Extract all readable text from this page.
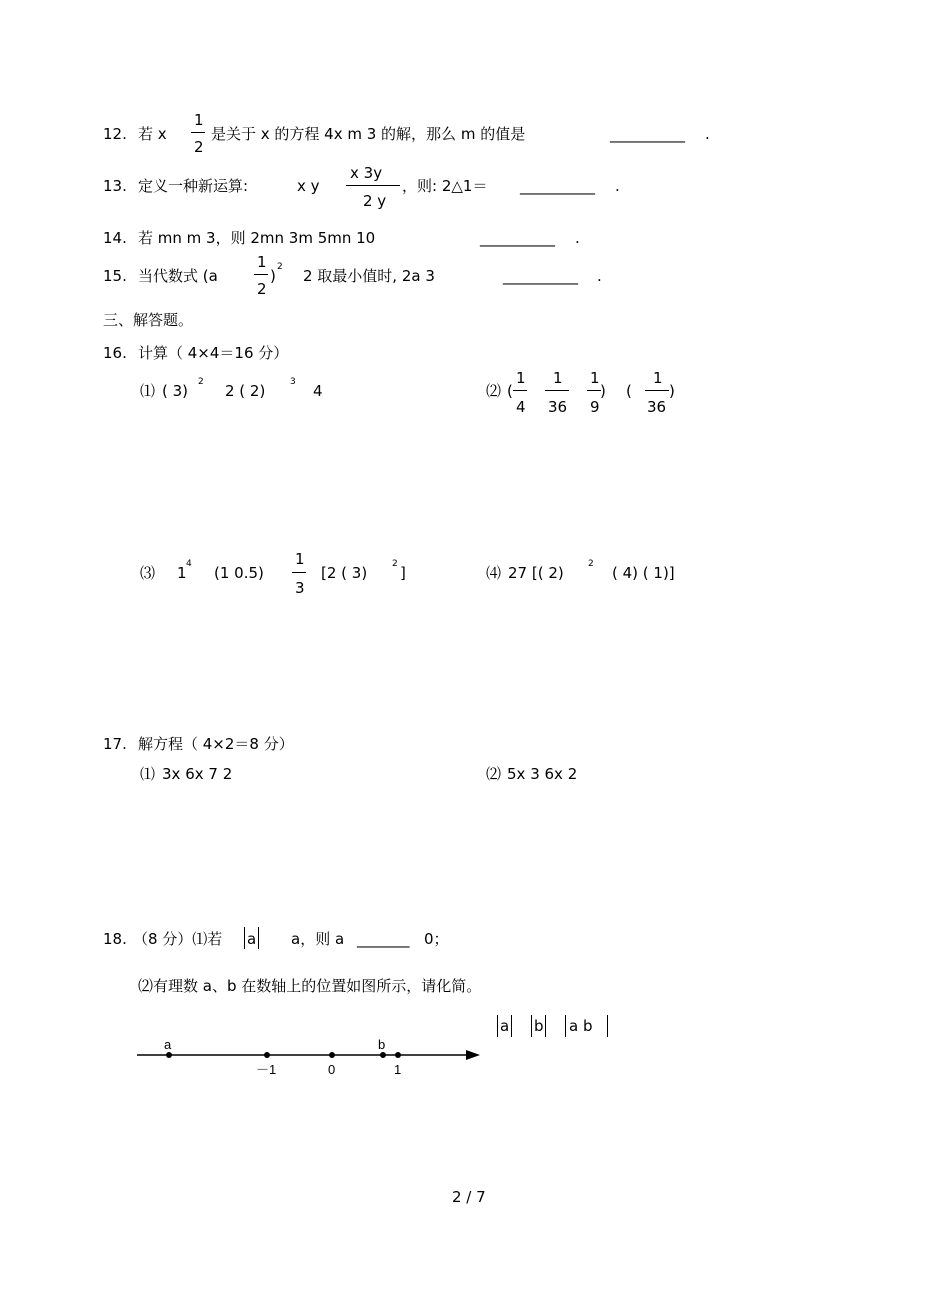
12. 若 x
1
2
是关于 x 的方程 4x m 3 的解，那么 m 的值是	__________ .
13. 定义一种新运算:	x y
x 3y
2 y
，则: 2△1＝ __________ .
14. 若 mn m 3，则 2mn 3m 5mn 10	__________ .
15. 当代数式 (a
1
2
) 2 2 取最小值时, 2a 3	__________ .
三、解答题。
16. 计算（ 4×4＝16 分）
⑴ ( 3) 2 2 ( 2)	3 4	⑵ (
1
4
1
36
1
9
) (
1
36
)
⑶ 1 4 (1 0.5)
1
3
[2 ( 3)	2 ]	⑷ 27 [( 2)	2 ( 4) ( 1)]
17. 解方程（ 4×2＝8 分）
⑴ 3x 6x 7 2	⑵ 5x 3 6x 2
18. （8 分）⑴若 a a，则 a _______ 0；
⑵有理数 a、b 在数轴上的位置如图所示，请化简。
a b a b
a	b
－1	0	1
2 / 7
